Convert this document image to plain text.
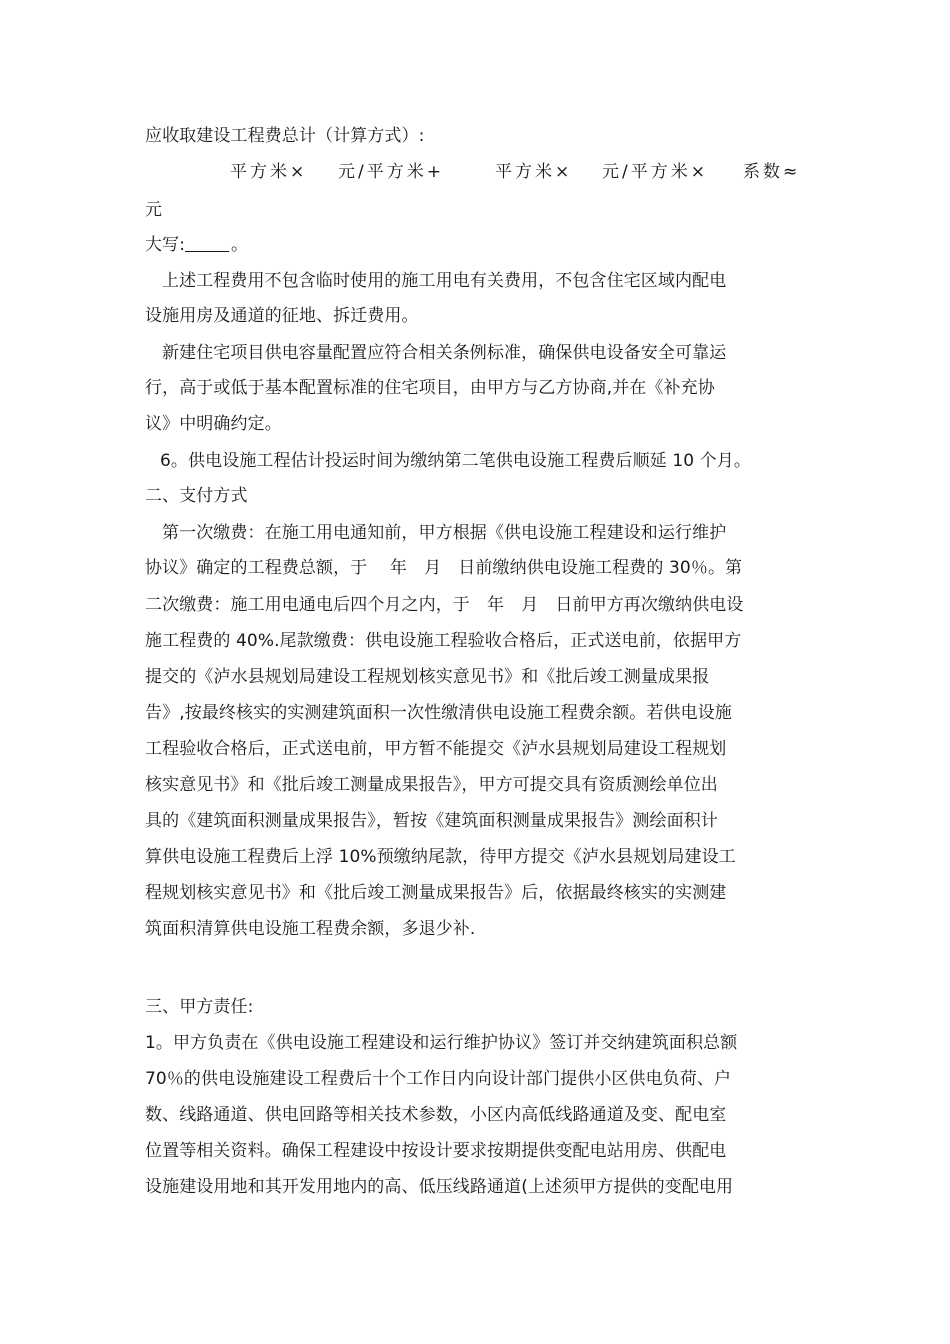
应收取建设工程费总计（计算方式）:
平方米× 元/平方米+	平方米× 元/平方米× 系数≈
元
大写:	。
上述工程费用不包含临时使用的施工用电有关费用，不包含住宅区域内配电
设施用房及通道的征地、拆迁费用。
新建住宅项目供电容量配置应符合相关条例标准，确保供电设备安全可靠运
行，高于或低于基本配置标准的住宅项目，由甲方与乙方协商,并在《补充协
议》中明确约定。
6。供电设施工程估计投运时间为缴纳第二笔供电设施工程费后顺延 10 个月。
二、支付方式
第一次缴费：在施工用电通知前，甲方根据《供电设施工程建设和运行维护
协议》确定的工程费总额，于　 年　月　日前缴纳供电设施工程费的 30％。第
二次缴费：施工用电通电后四个月之内，于　年　月　日前甲方再次缴纳供电设
施工程费的 40%.尾款缴费：供电设施工程验收合格后，正式送电前，依据甲方
提交的《泸水县规划局建设工程规划核实意见书》和《批后竣工测量成果报
告》,按最终核实的实测建筑面积一次性缴清供电设施工程费余额。若供电设施
工程验收合格后，正式送电前，甲方暂不能提交《泸水县规划局建设工程规划
核实意见书》和《批后竣工测量成果报告》，甲方可提交具有资质测绘单位出
具的《建筑面积测量成果报告》，暂按《建筑面积测量成果报告》测绘面积计
算供电设施工程费后上浮 10%预缴纳尾款，待甲方提交《泸水县规划局建设工
程规划核实意见书》和《批后竣工测量成果报告》后，依据最终核实的实测建
筑面积清算供电设施工程费余额，多退少补.
三、甲方责任:
1。甲方负责在《供电设施工程建设和运行维护协议》签订并交纳建筑面积总额
70％的供电设施建设工程费后十个工作日内向设计部门提供小区供电负荷、户
数、线路通道、供电回路等相关技术参数，小区内高低线路通道及变、配电室
位置等相关资料。确保工程建设中按设计要求按期提供变配电站用房、供配电
设施建设用地和其开发用地内的高、低压线路通道(上述须甲方提供的变配电用
